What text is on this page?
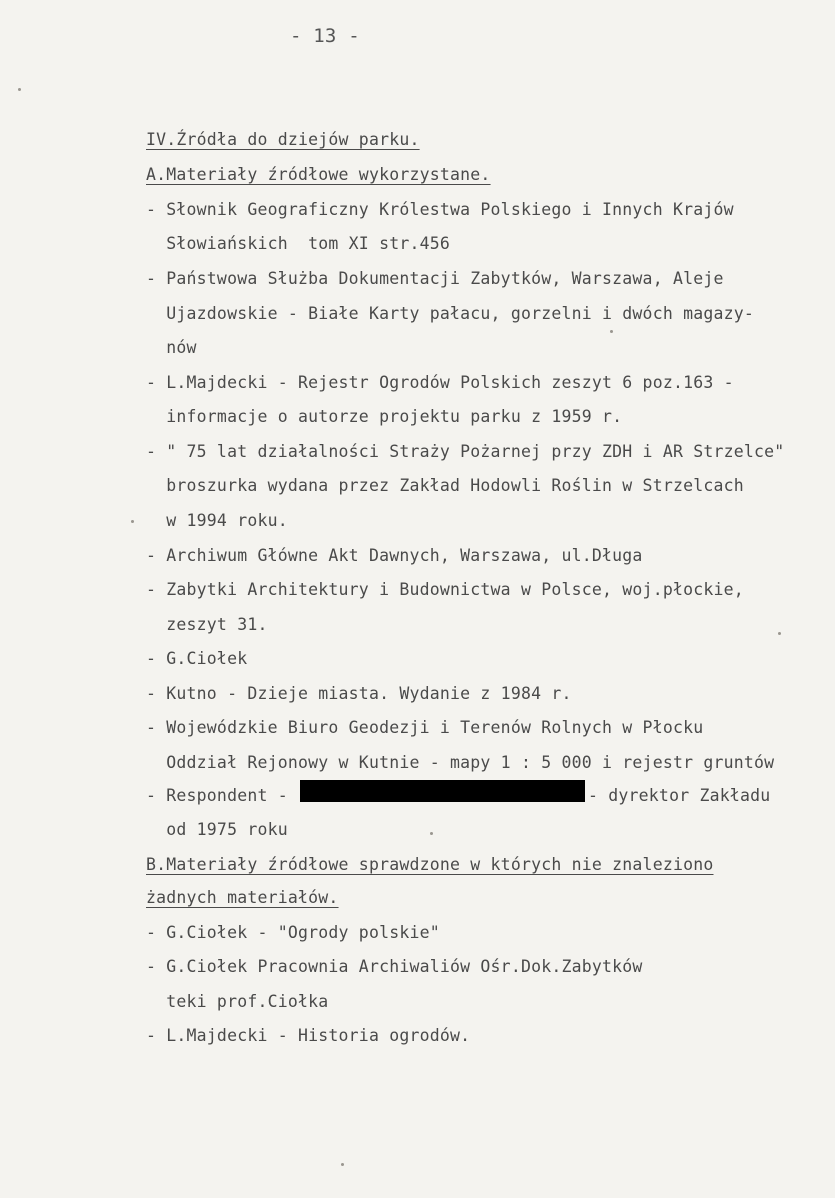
- 13 -
IV.Źródła do dziejów parku.
A.Materiały źródłowe wykorzystane.
- Słownik Geograficzny Królestwa Polskiego i Innych Krajów
Słowiańskich  tom XI str.456
- Państwowa Służba Dokumentacji Zabytków, Warszawa, Aleje
Ujazdowskie - Białe Karty pałacu, gorzelni i dwóch magazy-
nów
- L.Majdecki - Rejestr Ogrodów Polskich zeszyt 6 poz.163 -
informacje o autorze projektu parku z 1959 r.
- " 75 lat działalności Straży Pożarnej przy ZDH i AR Strzelce"
broszurka wydana przez Zakład Hodowli Roślin w Strzelcach
w 1994 roku.
- Archiwum Główne Akt Dawnych, Warszawa, ul.Długa
- Zabytki Architektury i Budownictwa w Polsce, woj.płockie,
zeszyt 31.
- G.Ciołek
- Kutno - Dzieje miasta. Wydanie z 1984 r.
- Wojewódzkie Biuro Geodezji i Terenów Rolnych w Płocku
Oddział Rejonowy w Kutnie - mapy 1 : 5 000 i rejestr gruntów
- Respondent -	- dyrektor Zakładu
od 1975 roku
B.Materiały źródłowe sprawdzone w których nie znaleziono
żadnych materiałów.
- G.Ciołek - "Ogrody polskie"
- G.Ciołek Pracownia Archiwaliów Ośr.Dok.Zabytków
teki prof.Ciołka
- L.Majdecki - Historia ogrodów.
